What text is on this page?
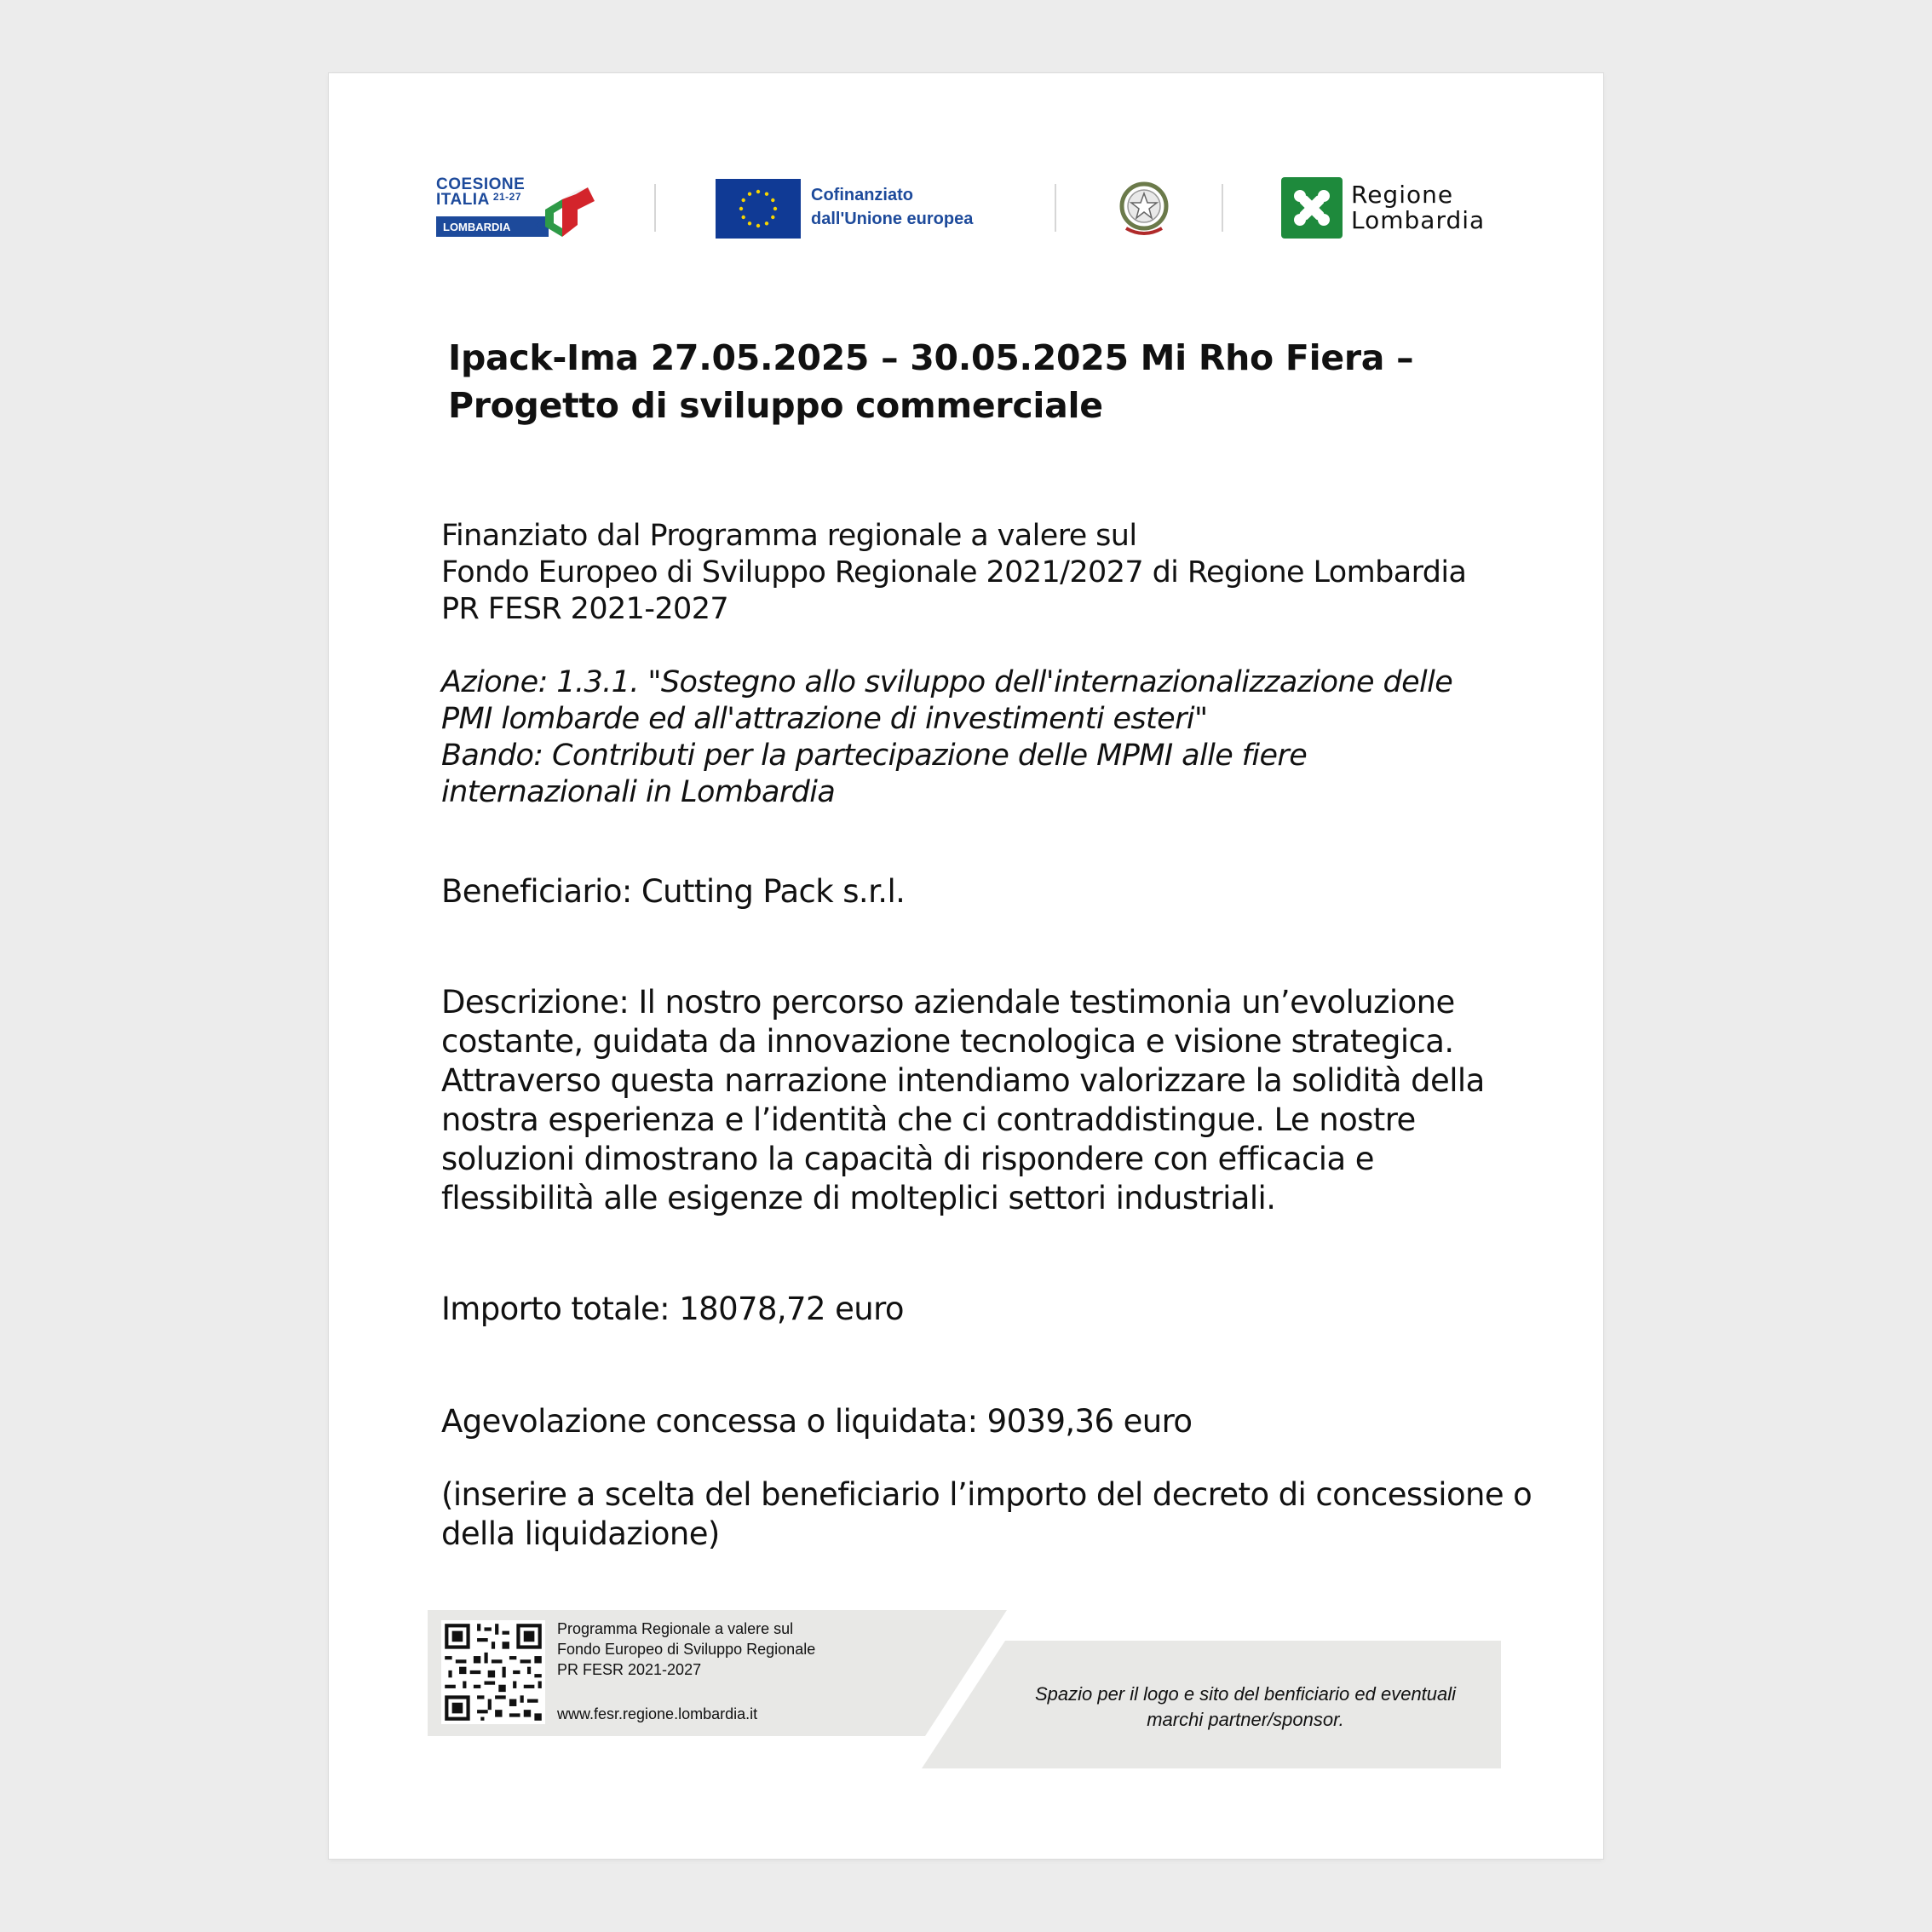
COESIONE
ITALIA $^{21-27}$
LOMBARDIA
Cofinanziato
dall'Unione europea
Regione
Lombardia
Ipack-Ima 27.05.2025 – 30.05.2025 Mi Rho Fiera –
Progetto di sviluppo commerciale
Finanziato dal Programma regionale a valere sul
Fondo Europeo di Sviluppo Regionale 2021/2027 di Regione Lombardia
PR FESR 2021-2027
Azione: 1.3.1. "Sostegno allo sviluppo dell'internazionalizzazione delle
PMI lombarde ed all'attrazione di investimenti esteri"
Bando: Contributi per la partecipazione delle MPMI alle fiere
internazionali in Lombardia
Beneficiario: Cutting Pack s.r.l.
Descrizione: Il nostro percorso aziendale testimonia un’evoluzione
costante, guidata da innovazione tecnologica e visione strategica.
Attraverso questa narrazione intendiamo valorizzare la solidità della
nostra esperienza e l’identità che ci contraddistingue. Le nostre
soluzioni dimostrano la capacità di rispondere con efficacia e
flessibilità alle esigenze di molteplici settori industriali.
Importo totale: 18078,72 euro
Agevolazione concessa o liquidata: 9039,36 euro
(inserire a scelta del beneficiario l’importo del decreto di concessione o
della liquidazione)
Programma Regionale a valere sul
Fondo Europeo di Sviluppo Regionale
PR FESR 2021-2027
www.fesr.regione.lombardia.it
Spazio per il logo e sito del benficiario ed eventuali
marchi partner/sponsor.
